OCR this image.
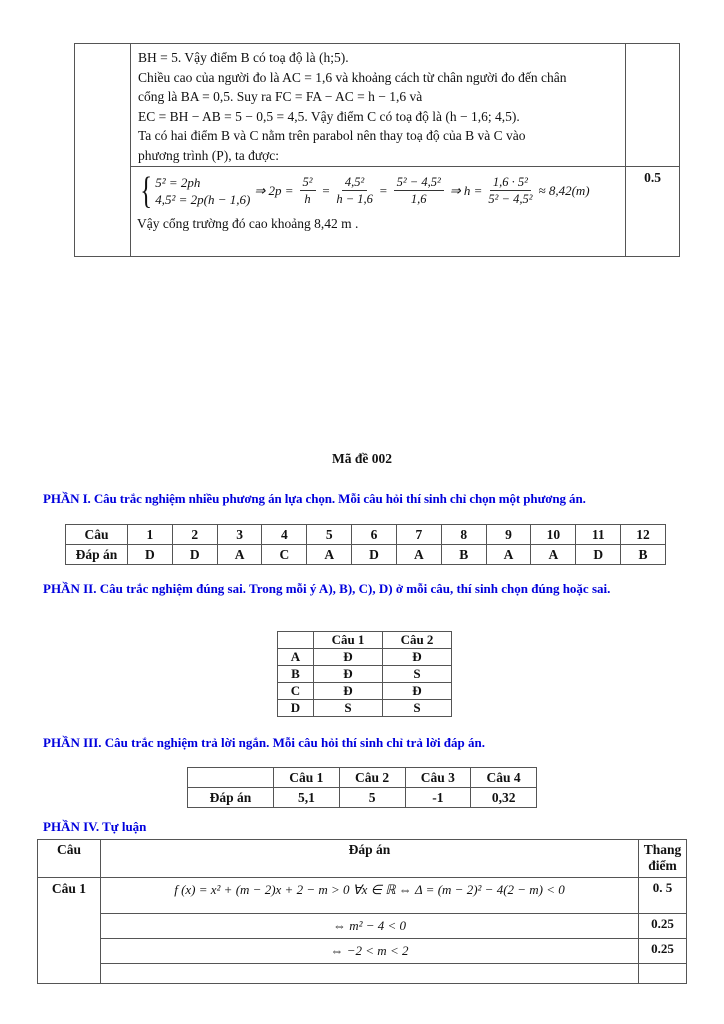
BH = 5. Vậy điểm B có toạ độ là (h;5).
Chiều cao của người đo là AC = 1,6 và khoảng cách từ chân người đo đến chân
cổng là BA = 0,5. Suy ra FC = FA − AC = h − 1,6 và
EC = BH − AB = 5 − 0,5 = 4,5. Vậy điểm C có toạ độ là (h − 1,6; 4,5).
Ta có hai điểm B và C nằm trên parabol nên thay toạ độ của B và C vào
phương trình (P), ta được:

{ 5² = 2ph
4,5² = 2p(h − 1,6)
⇒ $2p = \frac{\text{5²}}{h} = \frac{\text{4,5²}}{h - 1,6} = \frac{\text{5² − 4,5²}}{1,6}$ ⇒ $h = \frac{\text{1,6 · 5²}}{\text{5² − 4,5²}} \approx 8,42(m)$
Vậy cổng trường đó cao khoảng 8,42 m .
	0.5
Mã đề 002
PHẦN I. Câu trắc nghiệm nhiều phương án lựa chọn. Mỗi câu hỏi thí sinh chỉ chọn một phương án.
Câu	1	2	3	4	5	6	7	8	9	10	11	12
Đáp án	D	D	A	C	A	D	A	B	A	A	D	B
PHẦN II. Câu trắc nghiệm đúng sai. Trong mỗi ý A), B), C), D) ở mỗi câu, thí sinh chọn đúng hoặc sai.
	Câu 1	Câu 2
A	Đ	Đ
B	Đ	S
C	Đ	Đ
D	S	S
PHẦN III. Câu trắc nghiệm trả lời ngắn. Mỗi câu hỏi thí sinh chỉ trả lời đáp án.
	Câu 1	Câu 2	Câu 3	Câu 4
Đáp án	5,1	5	-1	0,32
PHẦN IV. Tự luận
Câu	Đáp án	Thang điểm
Câu 1	f (x) = x² + (m − 2)x + 2 − m > 0 ∀x ∈ ℝ ⇔ Δ = (m − 2)² − 4(2 − m) < 0	0. 5
	⇔ m² − 4 < 0	0.25
	⇔ −2 < m < 2	0.25
